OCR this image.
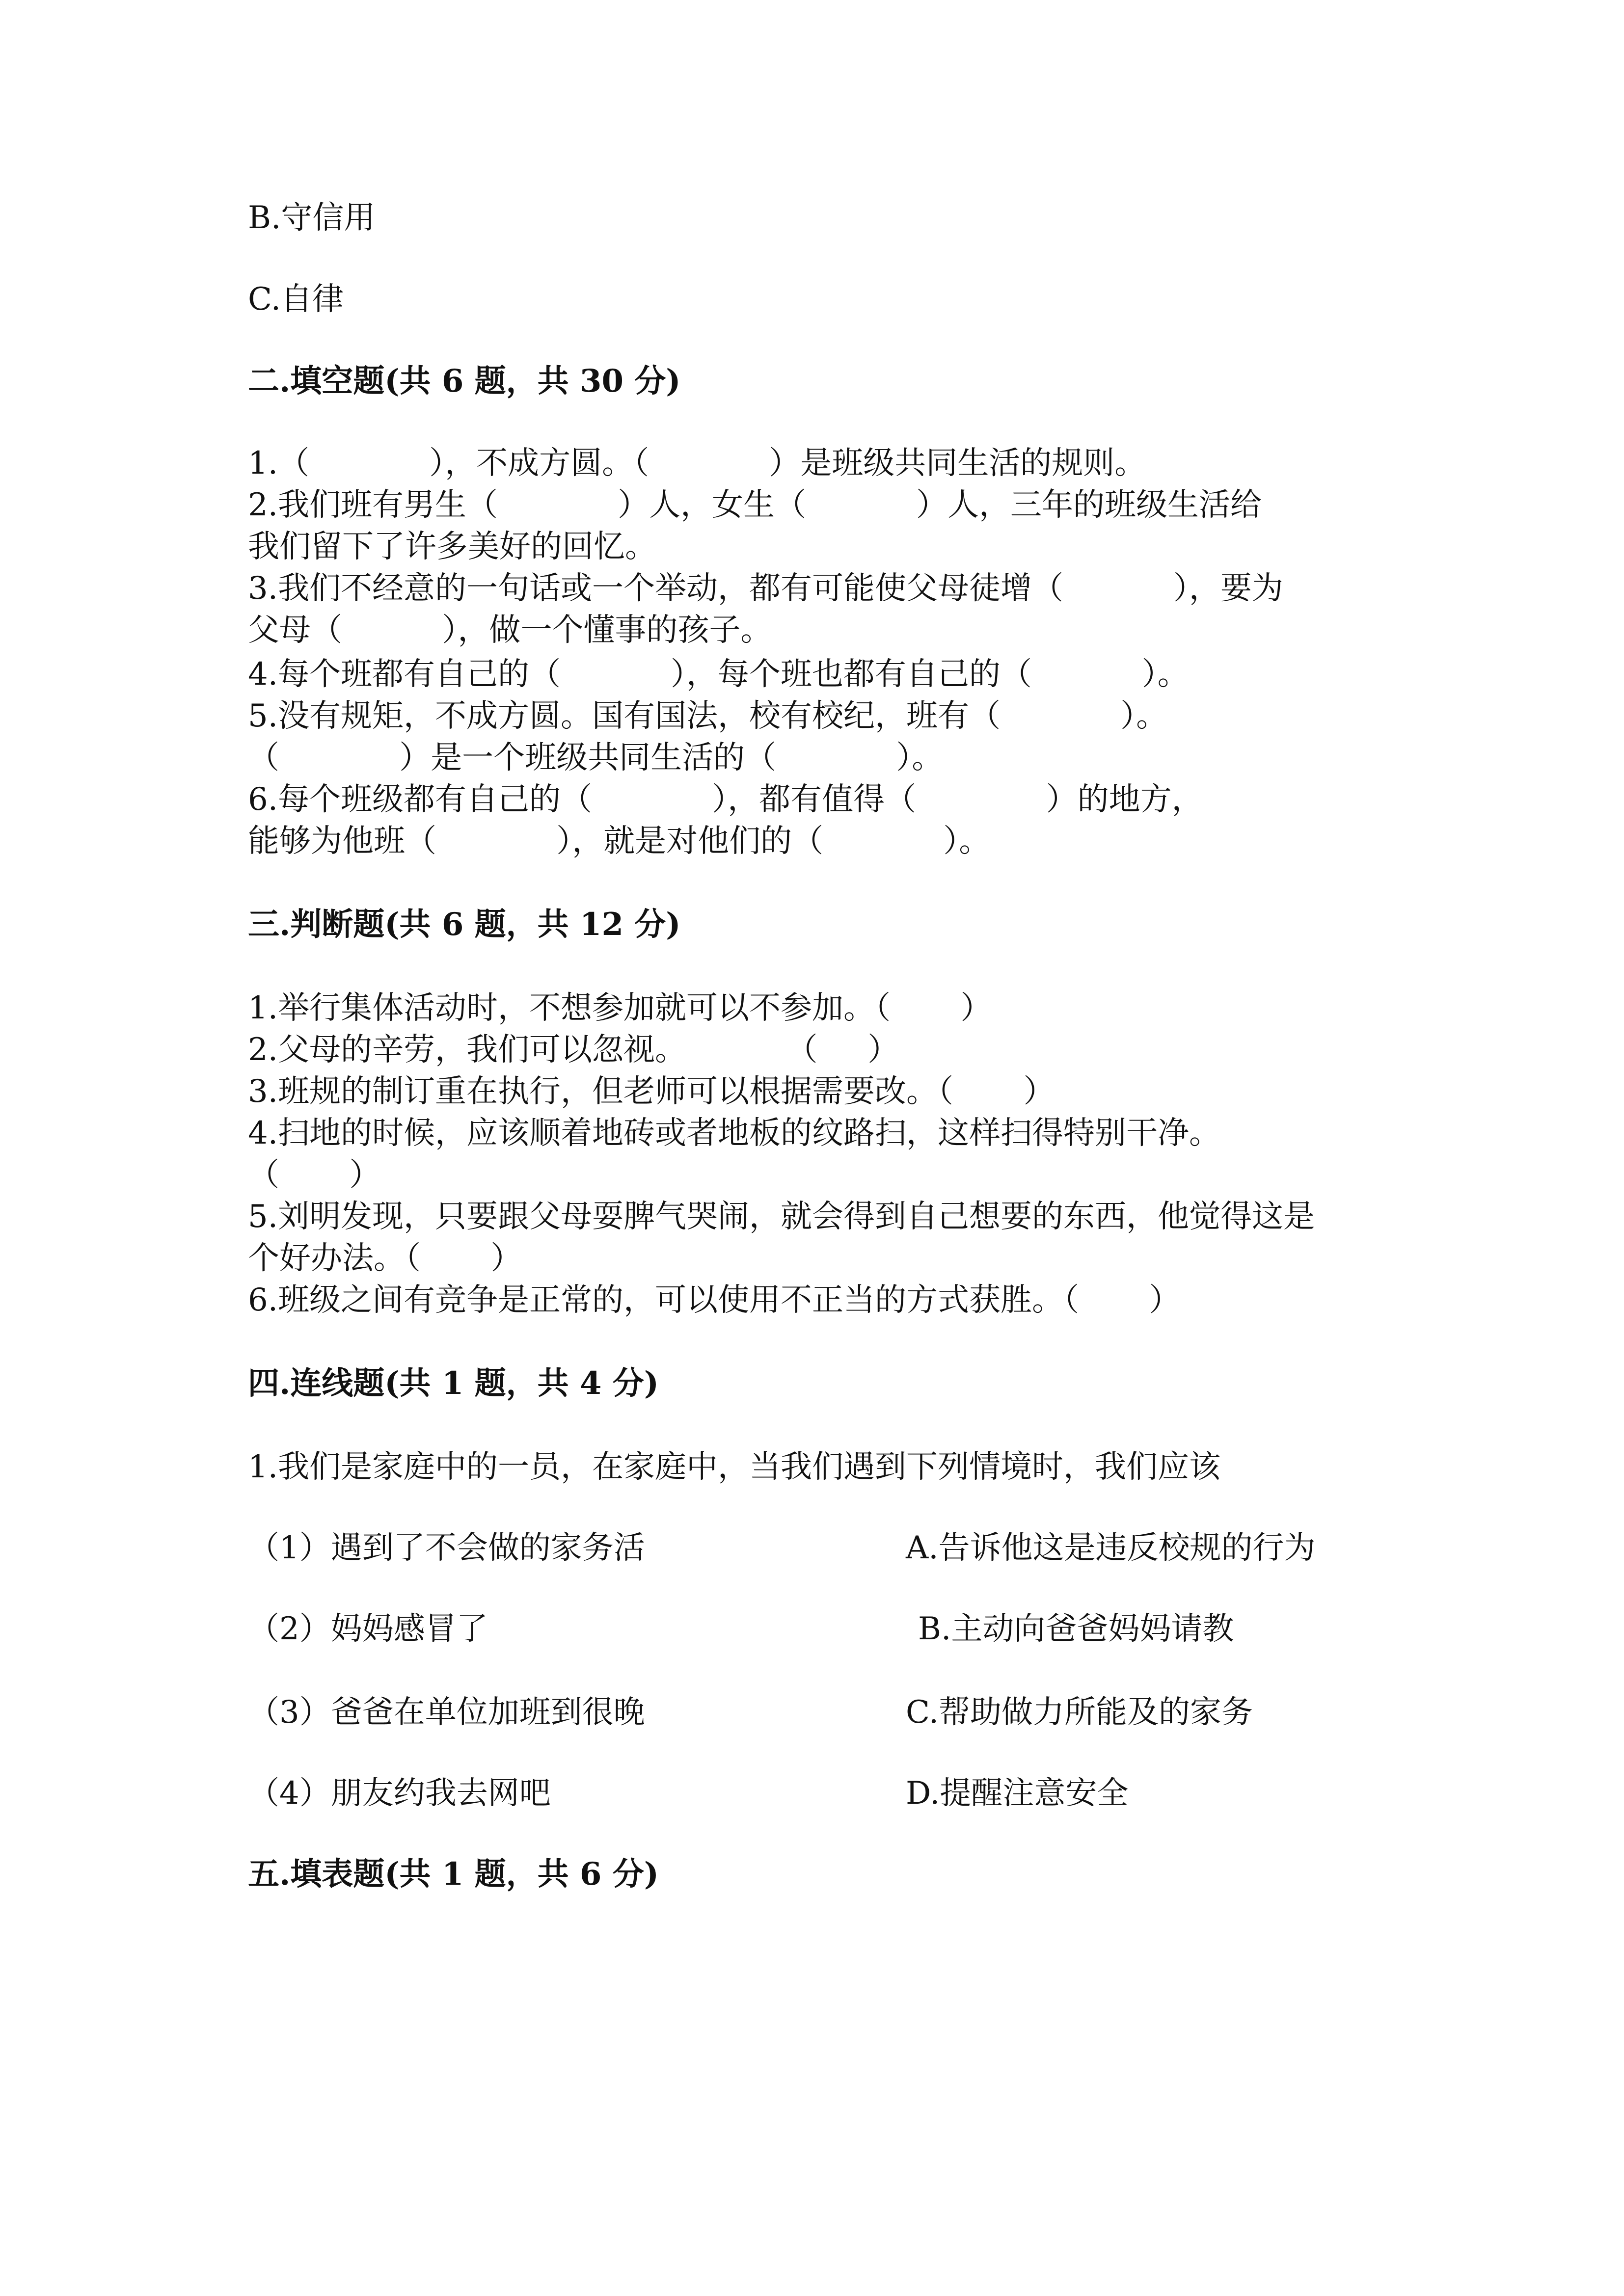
B.守信用
C.自律
二.填空题(共 6 题，共 30 分)
1.（            ），不成方圆。（            ）是班级共同生活的规则。
2.我们班有男生（            ）人，女生（           ）人，三年的班级生活给
我们留下了许多美好的回忆。
3.我们不经意的一句话或一个举动，都有可能使父母徒增（           ），要为
父母（          ），做一个懂事的孩子。
4.每个班都有自己的（           ），每个班也都有自己的（           ）。
5.没有规矩，不成方圆。国有国法，校有校纪，班有（            ）。
（            ）是一个班级共同生活的（            ）。
6.每个班级都有自己的（            ），都有值得（             ）的地方，
能够为他班（            ），就是对他们的（            ）。
三.判断题(共 6 题，共 12 分)
1.举行集体活动时，不想参加就可以不参加。（       ）
2.父母的辛劳，我们可以忽视。          （     ）
3.班规的制订重在执行，但老师可以根据需要改。（       ）
4.扫地的时候，应该顺着地砖或者地板的纹路扫，这样扫得特别干净。
（       ）
5.刘明发现，只要跟父母耍脾气哭闹，就会得到自己想要的东西，他觉得这是
个好办法。（       ）
6.班级之间有竞争是正常的，可以使用不正当的方式获胜。（       ）
四.连线题(共 1 题，共 4 分)
1.我们是家庭中的一员，在家庭中，当我们遇到下列情境时，我们应该
（1）遇到了不会做的家务活	A.告诉他这是违反校规的行为
（2）妈妈感冒了	B.主动向爸爸妈妈请教
（3）爸爸在单位加班到很晚	C.帮助做力所能及的家务
（4）朋友约我去网吧	D.提醒注意安全
五.填表题(共 1 题，共 6 分)
